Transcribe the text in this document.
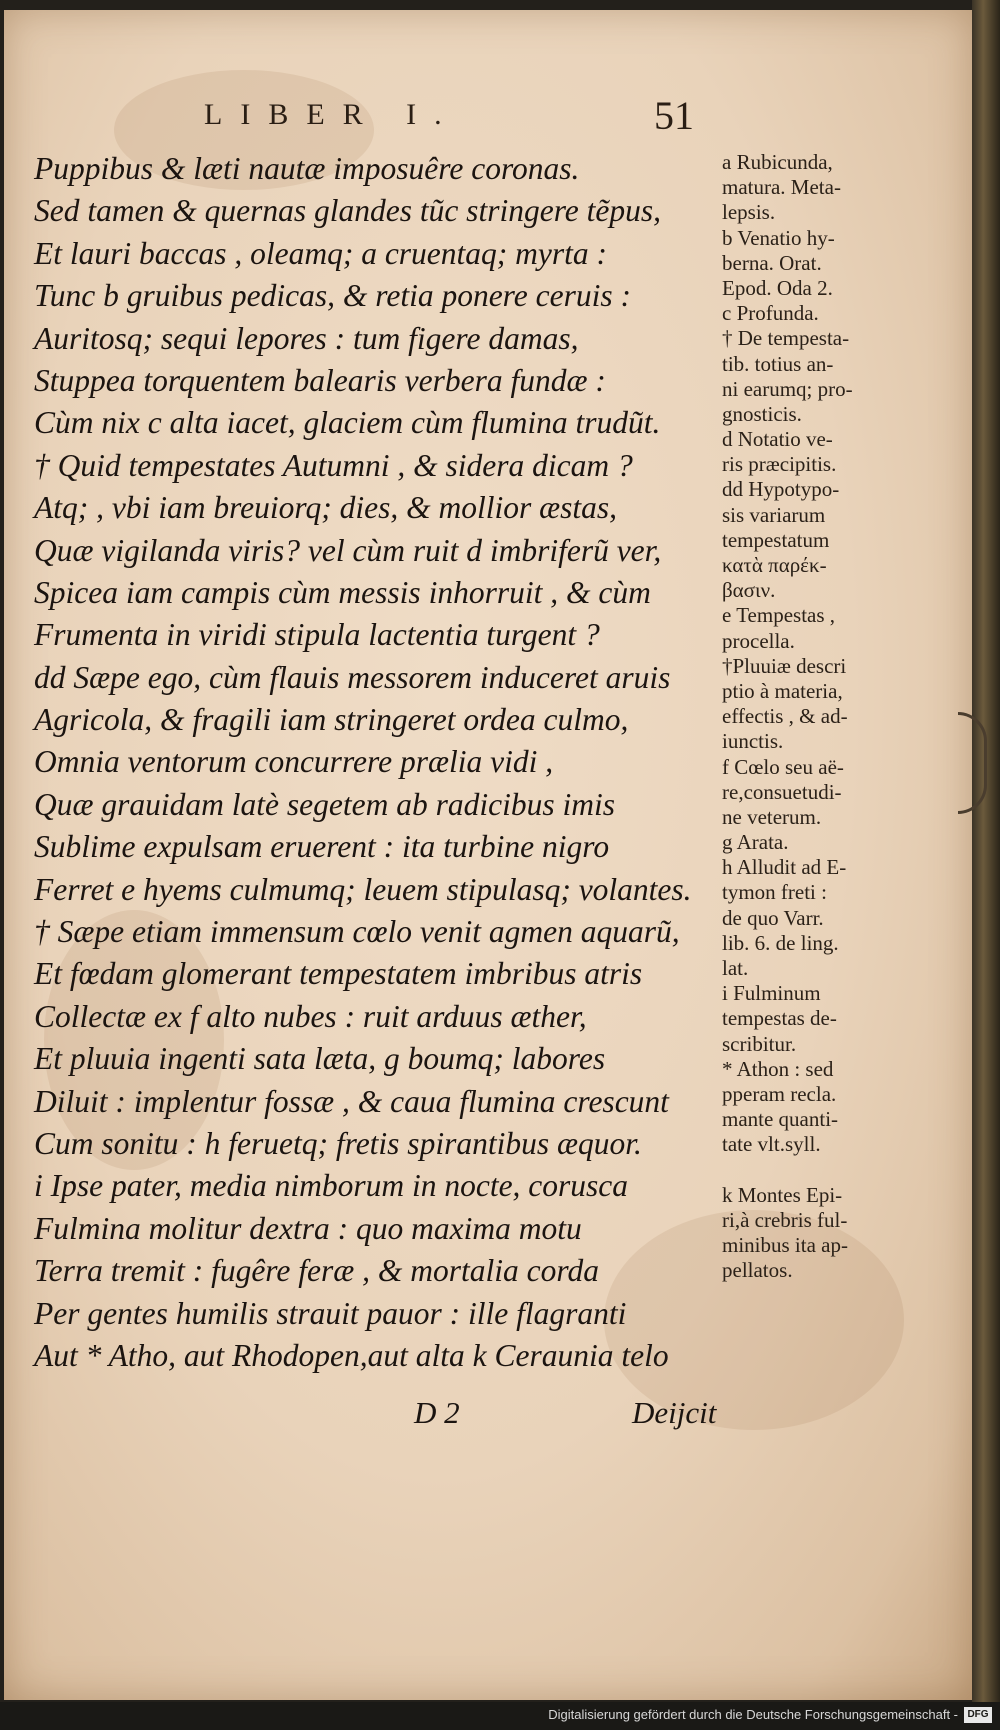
LIBER I.	51
Puppibus & læti nautæ imposuêre coronas.
Sed tamen & quernas glandes tũc stringere tẽpus,
Et lauri baccas , oleamq; a cruentaq; myrta :
Tunc b gruibus pedicas, & retia ponere ceruis :
Auritosq; sequi lepores : tum figere damas,
Stuppea torquentem balearis verbera fundæ :
Cùm nix c alta iacet, glaciem cùm flumina trudũt.
† Quid tempestates Autumni , & sidera dicam ?
Atq; , vbi iam breuiorq; dies, & mollior æstas,
Quæ vigilanda viris? vel cùm ruit d imbriferũ ver,
Spicea iam campis cùm messis inhorruit , & cùm
Frumenta in viridi stipula lactentia turgent ?
dd Sæpe ego, cùm flauis messorem induceret aruis
Agricola, & fragili iam stringeret ordea culmo,
Omnia ventorum concurrere prælia vidi ,
Quæ grauidam latè segetem ab radicibus imis
Sublime expulsam eruerent : ita turbine nigro
Ferret e hyems culmumq; leuem stipulasq; volantes.
† Sæpe etiam immensum cœlo venit agmen aquarũ,
Et fœdam glomerant tempestatem imbribus atris
Collectæ ex f alto nubes : ruit arduus æther,
Et pluuia ingenti sata læta, g boumq; labores
Diluit : implentur fossæ , & caua flumina crescunt
Cum sonitu : h feruetq; fretis spirantibus æquor.
i Ipse pater, media nimborum in nocte, corusca
Fulmina molitur dextra : quo maxima motu
Terra tremit : fugêre feræ , & mortalia corda
Per gentes humilis strauit pauor : ille flagranti
Aut * Atho, aut Rhodopen,aut alta k Ceraunia telo
a Rubicunda,
matura. Meta-
lepsis.
b Venatio hy-
berna. Orat.
Epod. Oda 2.
c Profunda.
† De tempesta-
tib. totius an-
ni earumq; pro-
gnosticis.
d Notatio ve-
ris præcipitis.
dd Hypotypo-
sis variarum
tempestatum
κατὰ παρέκ-
βασιν.
e Tempestas ,
procella.
†Pluuiæ descri
ptio à materia,
effectis , & ad-
iunctis.
f Cœlo seu aë-
re,consuetudi-
ne veterum.
g Arata.
h Alludit ad E-
tymon freti :
de quo Varr.
lib. 6. de ling.
lat.
i Fulminum
tempestas de-
scribitur.
* Athon : sed
pperam recla.
mante quanti-
tate vlt.syll.
k Montes Epi-
ri,à crebris ful-
minibus ita ap-
pellatos.
D 2	Deijcit
Digitalisierung gefördert durch die Deutsche Forschungsgemeinschaft - DFG
